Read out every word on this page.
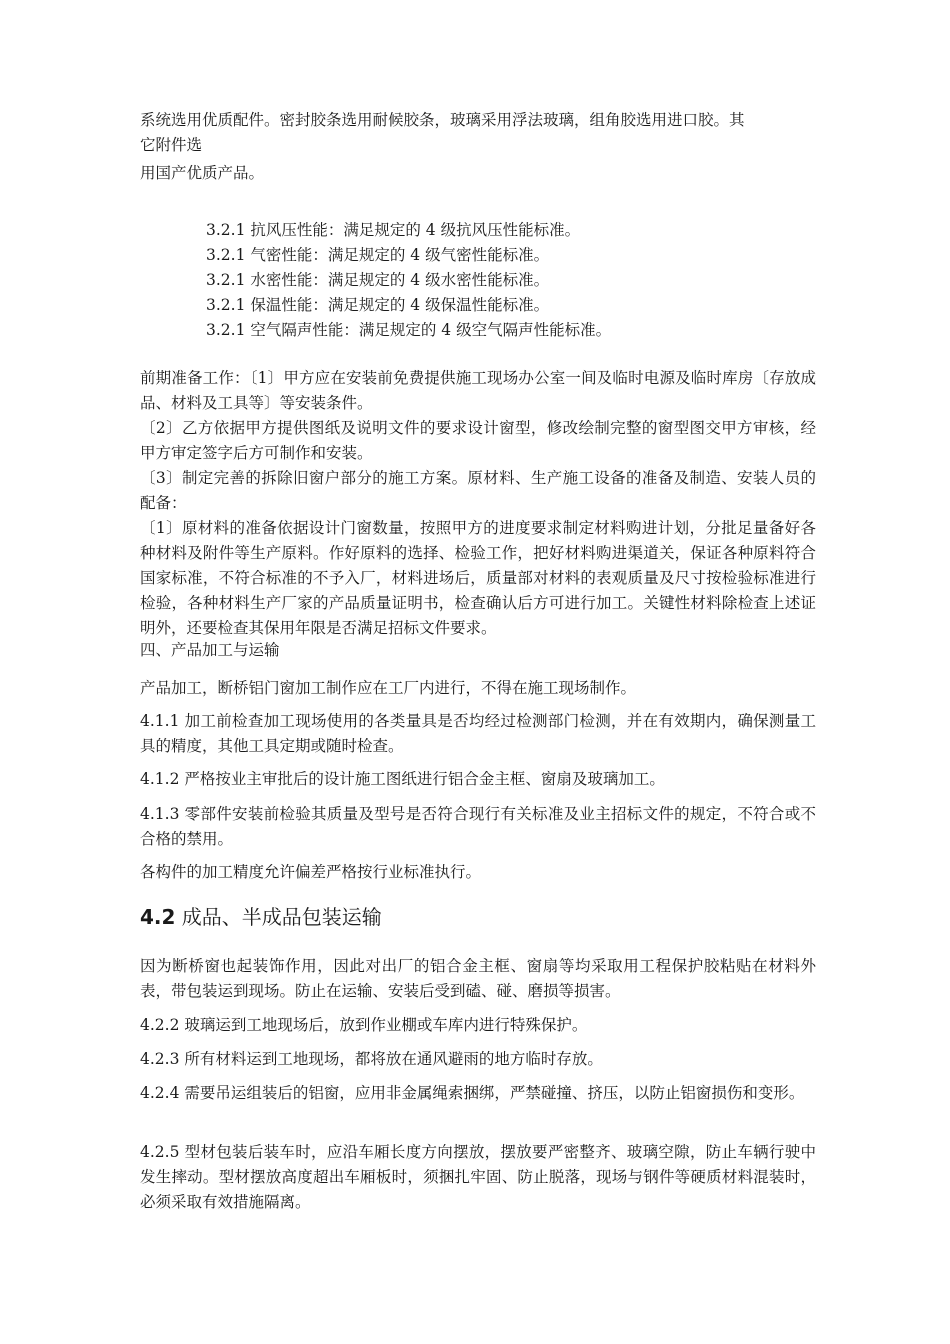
系统选用优质配件。密封胶条选用耐候胶条，玻璃采用浮法玻璃，组角胶选用进口胶。其
它附件选
用国产优质产品。
3.2.1 抗风压性能：满足规定的 4 级抗风压性能标准。
3.2.1 气密性能：满足规定的 4 级气密性能标准。
3.2.1 水密性能：满足规定的 4 级水密性能标准。
3.2.1 保温性能：满足规定的 4 级保温性能标准。
3.2.1 空气隔声性能：满足规定的 4 级空气隔声性能标准。
前期准备工作：〔1〕甲方应在安装前免费提供施工现场办公室一间及临时电源及临时库房〔存放成品、材料及工具等〕等安装条件。
〔2〕乙方依据甲方提供图纸及说明文件的要求设计窗型，修改绘制完整的窗型图交甲方审核，经甲方审定签字后方可制作和安装。
〔3〕制定完善的拆除旧窗户部分的施工方案。原材料、生产施工设备的准备及制造、安装人员的配备：
〔1〕原材料的准备依据设计门窗数量，按照甲方的进度要求制定材料购进计划，分批足量备好各种材料及附件等生产原料。作好原料的选择、检验工作，把好材料购进渠道关，保证各种原料符合国家标准，不符合标准的不予入厂，材料进场后，质量部对材料的表观质量及尺寸按检验标准进行检验，各种材料生产厂家的产品质量证明书，检查确认后方可进行加工。关键性材料除检查上述证明外，还要检查其保用年限是否满足招标文件要求。
四、产品加工与运输
产品加工，断桥铝门窗加工制作应在工厂内进行，不得在施工现场制作。
4.1.1 加工前检查加工现场使用的各类量具是否均经过检测部门检测，并在有效期内，确保测量工具的精度，其他工具定期或随时检查。
4.1.2 严格按业主审批后的设计施工图纸进行铝合金主框、窗扇及玻璃加工。
4.1.3 零部件安装前检验其质量及型号是否符合现行有关标准及业主招标文件的规定，不符合或不合格的禁用。
各构件的加工精度允许偏差严格按行业标准执行。
4.2 成品、半成品包装运输
因为断桥窗也起装饰作用，因此对出厂的铝合金主框、窗扇等均采取用工程保护胶粘贴在材料外表，带包装运到现场。防止在运输、安装后受到磕、碰、磨损等损害。
4.2.2 玻璃运到工地现场后，放到作业棚或车库内进行特殊保护。
4.2.3 所有材料运到工地现场，都将放在通风避雨的地方临时存放。
4.2.4 需要吊运组装后的铝窗，应用非金属绳索捆绑，严禁碰撞、挤压，以防止铝窗损伤和变形。
4.2.5 型材包装后装车时，应沿车厢长度方向摆放，摆放要严密整齐、玻璃空隙，防止车辆行驶中发生摔动。型材摆放高度超出车厢板时，须捆扎牢固、防止脱落，现场与钢件等硬质材料混装时，必须采取有效措施隔离。
